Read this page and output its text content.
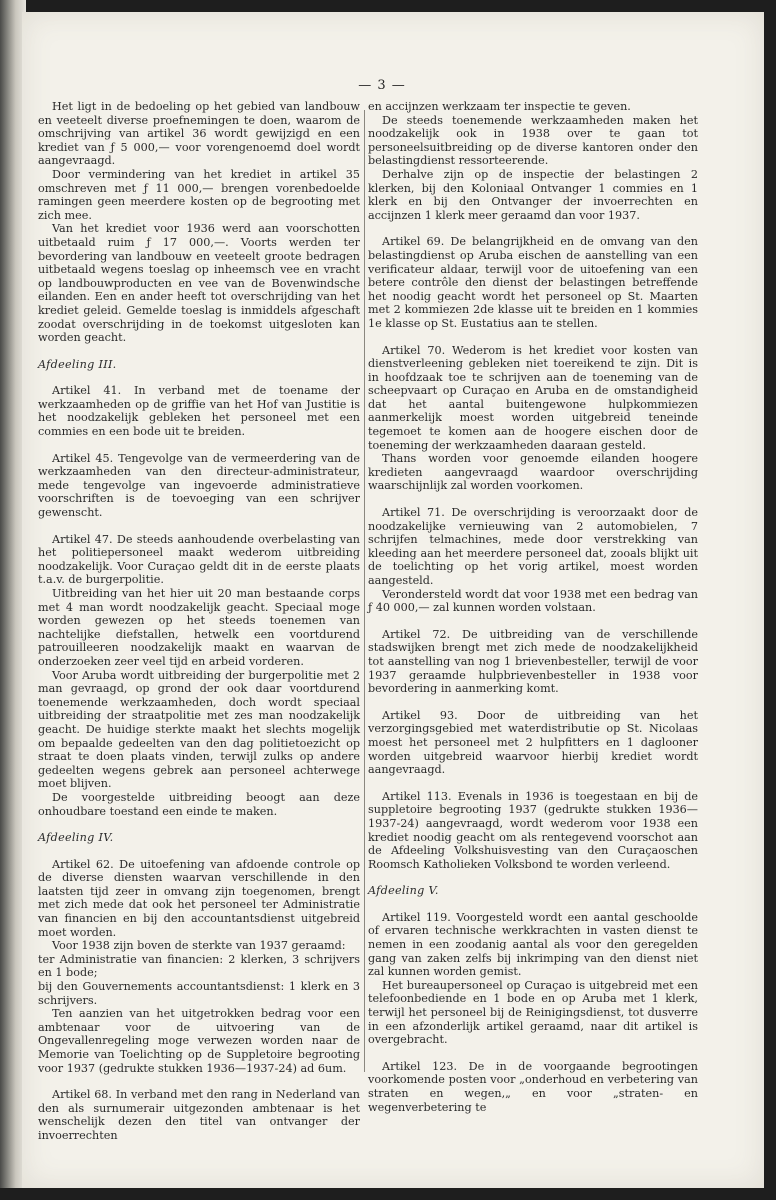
— 3 —

Het ligt in de bedoeling op het gebied van landbouw en veeteelt diverse proefnemingen te doen, waarom de omschrijving van artikel 36 wordt gewijzigd en een krediet van ƒ 5 000,— voor vorengenoemd doel wordt aangevraagd.

Door vermindering van het krediet in artikel 35 omschreven met ƒ 11 000,— brengen vorenbedoelde ramingen geen meerdere kosten op de begrooting met zich mee.

Van het krediet voor 1936 werd aan voorschotten uitbetaald ruim ƒ 17 000,—. Voorts werden ter bevordering van landbouw en veeteelt groote bedragen uitbetaald wegens toeslag op inheemsch vee en vracht op landbouwproducten en vee van de Bovenwindsche eilanden. Een en ander heeft tot overschrijding van het krediet geleid. Gemelde toeslag is inmiddels afgeschaft zoodat overschrijding in de toekomst uitgesloten kan worden geacht.

Afdeeling III.

Artikel 41. In verband met de toename der werkzaamheden op de griffie van het Hof van Justitie is het noodzakelijk gebleken het personeel met een commies en een bode uit te breiden.

Artikel 45. Tengevolge van de vermeerdering van de werkzaamheden van den directeur-administrateur, mede tengevolge van ingevoerde administratieve voorschriften is de toevoeging van een schrijver gewenscht.

Artikel 47. De steeds aanhoudende overbelasting van het politiepersoneel maakt wederom uitbreiding noodzakelijk. Voor Curaçao geldt dit in de eerste plaats t.a.v. de burgerpolitie.

Uitbreiding van het hier uit 20 man bestaande corps met 4 man wordt noodzakelijk geacht. Speciaal moge worden gewezen op het steeds toenemen van nachtelijke diefstallen, hetwelk een voortdurend patrouilleeren noodzakelijk maakt en waarvan de onderzoeken zeer veel tijd en arbeid vorderen.

Voor Aruba wordt uitbreiding der burgerpolitie met 2 man gevraagd, op grond der ook daar voortdurend toenemende werkzaamheden, doch wordt speciaal uitbreiding der straatpolitie met zes man noodzakelijk geacht. De huidige sterkte maakt het slechts mogelijk om bepaalde gedeelten van den dag politietoezicht op straat te doen plaats vinden, terwijl zulks op andere gedeelten wegens gebrek aan personeel achterwege moet blijven.

De voorgestelde uitbreiding beoogt aan deze onhoudbare toestand een einde te maken.

Afdeeling IV.

Artikel 62. De uitoefening van afdoende controle op de diverse diensten waarvan verschillende in den laatsten tijd zeer in omvang zijn toegenomen, brengt met zich mede dat ook het personeel ter Administratie van financien en bij den accountantsdienst uitgebreid moet worden.

Voor 1938 zijn boven de sterkte van 1937 geraamd:

ter Administratie van financien: 2 klerken, 3 schrijvers en 1 bode;

bij den Gouvernements accountantsdienst: 1 klerk en 3 schrijvers.

Ten aanzien van het uitgetrokken bedrag voor een ambtenaar voor de uitvoering van de Ongevallenregeling moge verwezen worden naar de Memorie van Toelichting op de Suppletoire begrooting voor 1937 (gedrukte stukken 1936—1937-24) ad 6um.

Artikel 68. In verband met den rang in Nederland van den als surnumerair uitgezonden ambtenaar is het wenschelijk dezen den titel van ontvanger der invoerrechten

en accijnzen werkzaam ter inspectie te geven.

De steeds toenemende werkzaamheden maken het noodzakelijk ook in 1938 over te gaan tot personeelsuitbreiding op de diverse kantoren onder den belastingdienst ressorteerende.

Derhalve zijn op de inspectie der belastingen 2 klerken, bij den Koloniaal Ontvanger 1 commies en 1 klerk en bij den Ontvanger der invoerrechten en accijnzen 1 klerk meer geraamd dan voor 1937.

Artikel 69. De belangrijkheid en de omvang van den belastingdienst op Aruba eischen de aanstelling van een verificateur aldaar, terwijl voor de uitoefening van een betere contrôle den dienst der belastingen betreffende het noodig geacht wordt het personeel op St. Maarten met 2 kommiezen 2de klasse uit te breiden en 1 kommies 1e klasse op St. Eustatius aan te stellen.

Artikel 70. Wederom is het krediet voor kosten van dienstverleening gebleken niet toereikend te zijn. Dit is in hoofdzaak toe te schrijven aan de toeneming van de scheepvaart op Curaçao en Aruba en de omstandigheid dat het aantal buitengewone hulpkommiezen aanmerkelijk moest worden uitgebreid teneinde tegemoet te komen aan de hoogere eischen door de toeneming der werkzaamheden daaraan gesteld.

Thans worden voor genoemde eilanden hoogere kredieten aangevraagd waardoor overschrijding waarschijnlijk zal worden voorkomen.

Artikel 71. De overschrijding is veroorzaakt door de noodzakelijke vernieuwing van 2 automobielen, 7 schrijfen telmachines, mede door verstrekking van kleeding aan het meerdere personeel dat, zooals blijkt uit de toelichting op het vorig artikel, moest worden aangesteld.

Verondersteld wordt dat voor 1938 met een bedrag van ƒ 40 000,— zal kunnen worden volstaan.

Artikel 72. De uitbreiding van de verschillende stadswijken brengt met zich mede de noodzakelijkheid tot aanstelling van nog 1 brievenbesteller, terwijl de voor 1937 geraamde hulpbrievenbesteller in 1938 voor bevordering in aanmerking komt.

Artikel 93. Door de uitbreiding van het verzorgingsgebied met waterdistributie op St. Nicolaas moest het personeel met 2 hulpfitters en 1 daglooner worden uitgebreid waarvoor hierbij krediet wordt aangevraagd.

Artikel 113. Evenals in 1936 is toegestaan en bij de suppletoire begrooting 1937 (gedrukte stukken 1936—1937-24) aangevraagd, wordt wederom voor 1938 een krediet noodig geacht om als rentegevend voorschot aan de Afdeeling Volkshuisvesting van den Curaçaoschen Roomsch Katholieken Volksbond te worden verleend.

Afdeeling V.

Artikel 119. Voorgesteld wordt een aantal geschoolde of ervaren technische werkkrachten in vasten dienst te nemen in een zoodanig aantal als voor den geregelden gang van zaken zelfs bij inkrimping van den dienst niet zal kunnen worden gemist.

Het bureaupersoneel op Curaçao is uitgebreid met een telefoonbediende en 1 bode en op Aruba met 1 klerk, terwijl het personeel bij de Reinigingsdienst, tot dusverre in een afzonderlijk artikel geraamd, naar dit artikel is overgebracht.

Artikel 123. De in de voorgaande begrootingen voorkomende posten voor „onderhoud en verbetering van straten en wegen,„ en voor „straten- en wegenverbetering te
